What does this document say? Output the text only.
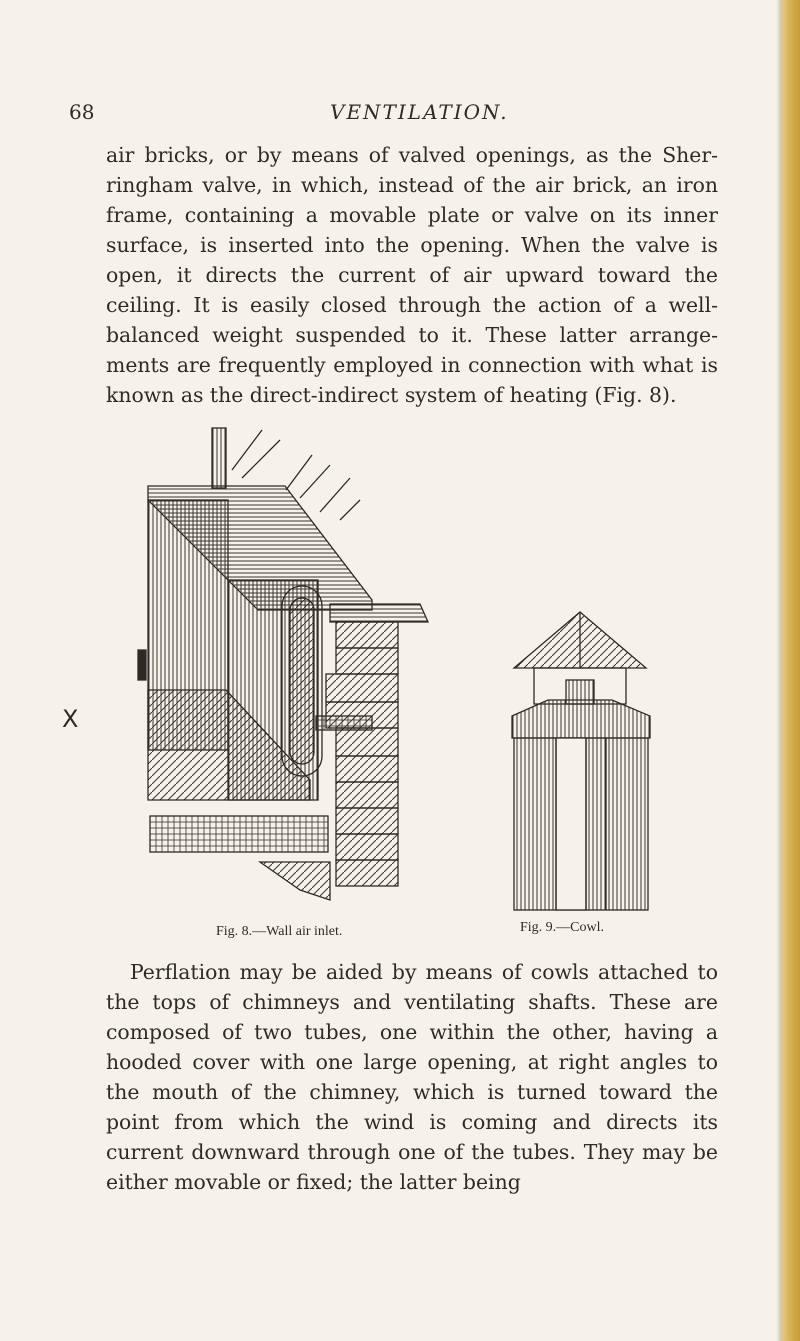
68	VENTILATION.

air bricks, or by means of valved openings, as the Sher-ringham valve, in which, instead of the air brick, an iron frame, containing a movable plate or valve on its inner surface, is inserted into the opening. When the valve is open, it directs the current of air upward toward the ceiling. It is easily closed through the action of a well-balanced weight suspended to it. These latter arrange-ments are frequently employed in connection with what is known as the direct-indirect system of heating (Fig. 8).

X
Fig. 8.—Wall air inlet.	Fig. 9.—Cowl.

Perflation may be aided by means of cowls attached to the tops of chimneys and ventilating shafts. These are composed of two tubes, one within the other, having a hooded cover with one large opening, at right angles to the mouth of the chimney, which is turned toward the point from which the wind is coming and directs its current downward through one of the tubes. They may be either movable or fixed; the latter being
